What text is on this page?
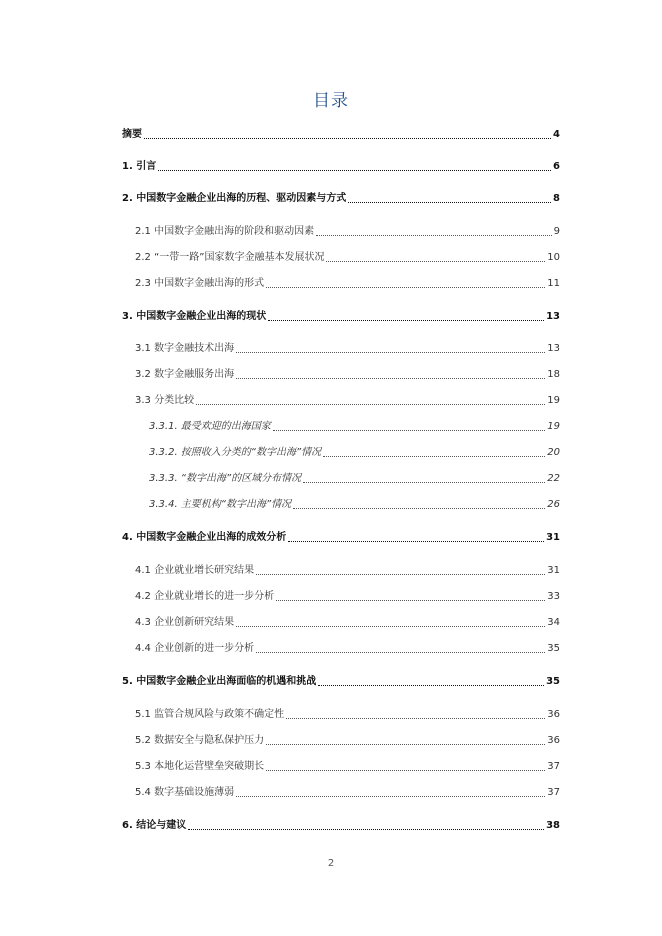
目录
摘要	4
1. 引言	6
2. 中国数字金融企业出海的历程、驱动因素与方式	8
2.1 中国数字金融出海的阶段和驱动因素	9
2.2 “一带一路”国家数字金融基本发展状况	10
2.3 中国数字金融出海的形式	11
3. 中国数字金融企业出海的现状	13
3.1 数字金融技术出海	13
3.2 数字金融服务出海	18
3.3 分类比较	19
3.3.1. 最受欢迎的出海国家	19
3.3.2. 按照收入分类的“数字出海”情况	20
3.3.3. “数字出海”的区域分布情况	22
3.3.4. 主要机构“数字出海”情况	26
4. 中国数字金融企业出海的成效分析	31
4.1 企业就业增长研究结果	31
4.2 企业就业增长的进一步分析	33
4.3 企业创新研究结果	34
4.4 企业创新的进一步分析	35
5. 中国数字金融企业出海面临的机遇和挑战	35
5.1 监管合规风险与政策不确定性	36
5.2 数据安全与隐私保护压力	36
5.3 本地化运营壁垒突破期长	37
5.4 数字基础设施薄弱	37
6. 结论与建议	38
2
